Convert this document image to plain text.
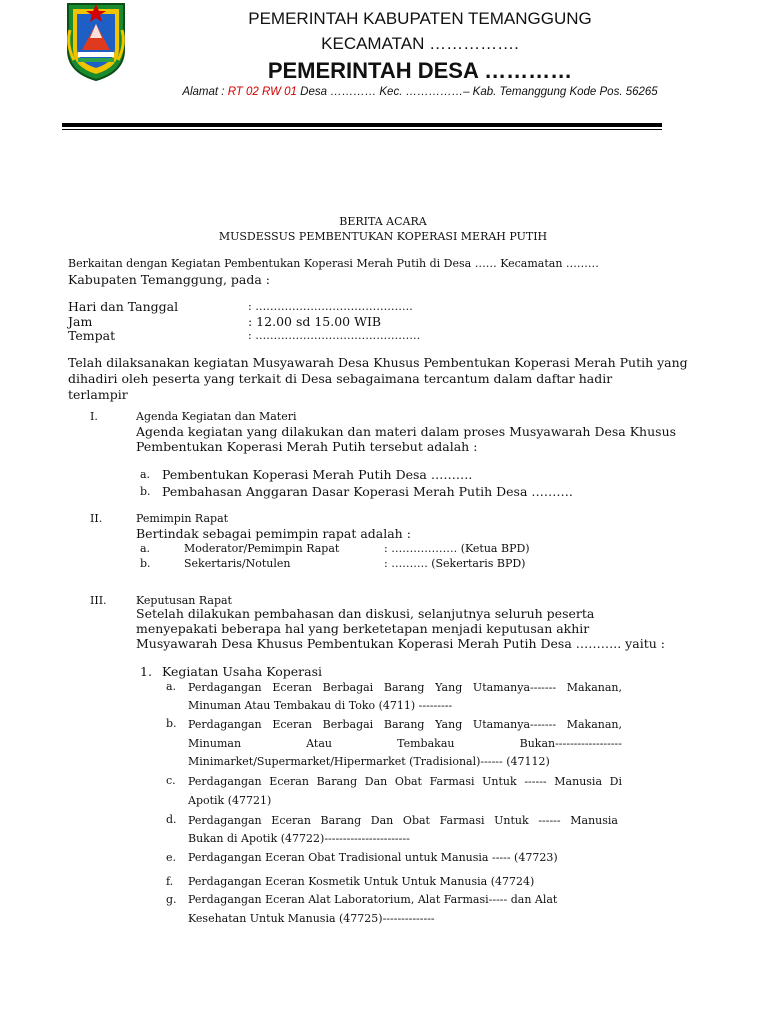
PEMERINTAH KABUPATEN TEMANGGUNG
KECAMATAN …………….
PEMERINTAH DESA …………
Alamat : RT 02 RW 01 Desa ………… Kec. ……………– Kab. Temanggung Kode Pos. 56265
BERITA ACARA
MUSDESSUS PEMBENTUKAN KOPERASI MERAH PUTIH
Berkaitan dengan Kegiatan Pembentukan Koperasi Merah Putih di Desa …… Kecamatan ………
Kabupaten Temanggung, pada :
Hari dan Tanggal	: …………………………………….
Jam	: 12.00 sd 15.00 WIB
Tempat	: ………………………………………
Telah dilaksanakan kegiatan Musyawarah Desa Khusus Pembentukan Koperasi Merah Putih yang
dihadiri oleh peserta yang terkait di Desa sebagaimana tercantum dalam daftar hadir
terlampir
I.	Agenda Kegiatan dan Materi
Agenda kegiatan yang dilakukan dan materi dalam proses Musyawarah Desa Khusus
Pembentukan Koperasi Merah Putih tersebut adalah :
a. Pembentukan Koperasi Merah Putih Desa ……….
b. Pembahasan Anggaran Dasar Koperasi Merah Putih Desa ……….
II.	Pemimpin Rapat
Bertindak sebagai pemimpin rapat adalah :
a.	Moderator/Pemimpin Rapat	: ……………… (Ketua BPD)
b.	Sekertaris/Notulen	: ………. (Sekertaris BPD)
III.	Keputusan Rapat
Setelah dilakukan pembahasan dan diskusi, selanjutnya seluruh peserta
menyepakati beberapa hal yang berketetapan menjadi keputusan akhir
Musyawarah Desa Khusus Pembentukan Koperasi Merah Putih Desa ……….. yaitu :
1. Kegiatan Usaha Koperasi
a. Perdagangan Eceran Berbagai Barang Yang Utamanya------- Makanan,
Minuman Atau Tembakau di Toko (4711) ---------
b. Perdagangan Eceran Berbagai Barang Yang Utamanya------- Makanan,
Minuman Atau Tembakau Bukan------------------
Minimarket/Supermarket/Hipermarket (Tradisional)------ (47112)
c. Perdagangan Eceran Barang Dan Obat Farmasi Untuk ------ Manusia Di
Apotik (47721)
d. Perdagangan Eceran Barang Dan Obat Farmasi Untuk ------ Manusia
Bukan di Apotik (47722)-----------------------
e. Perdagangan Eceran Obat Tradisional untuk Manusia ----- (47723)
f. Perdagangan Eceran Kosmetik Untuk Untuk Manusia (47724)
g. Perdagangan Eceran Alat Laboratorium, Alat Farmasi----- dan Alat
Kesehatan Untuk Manusia (47725)--------------
